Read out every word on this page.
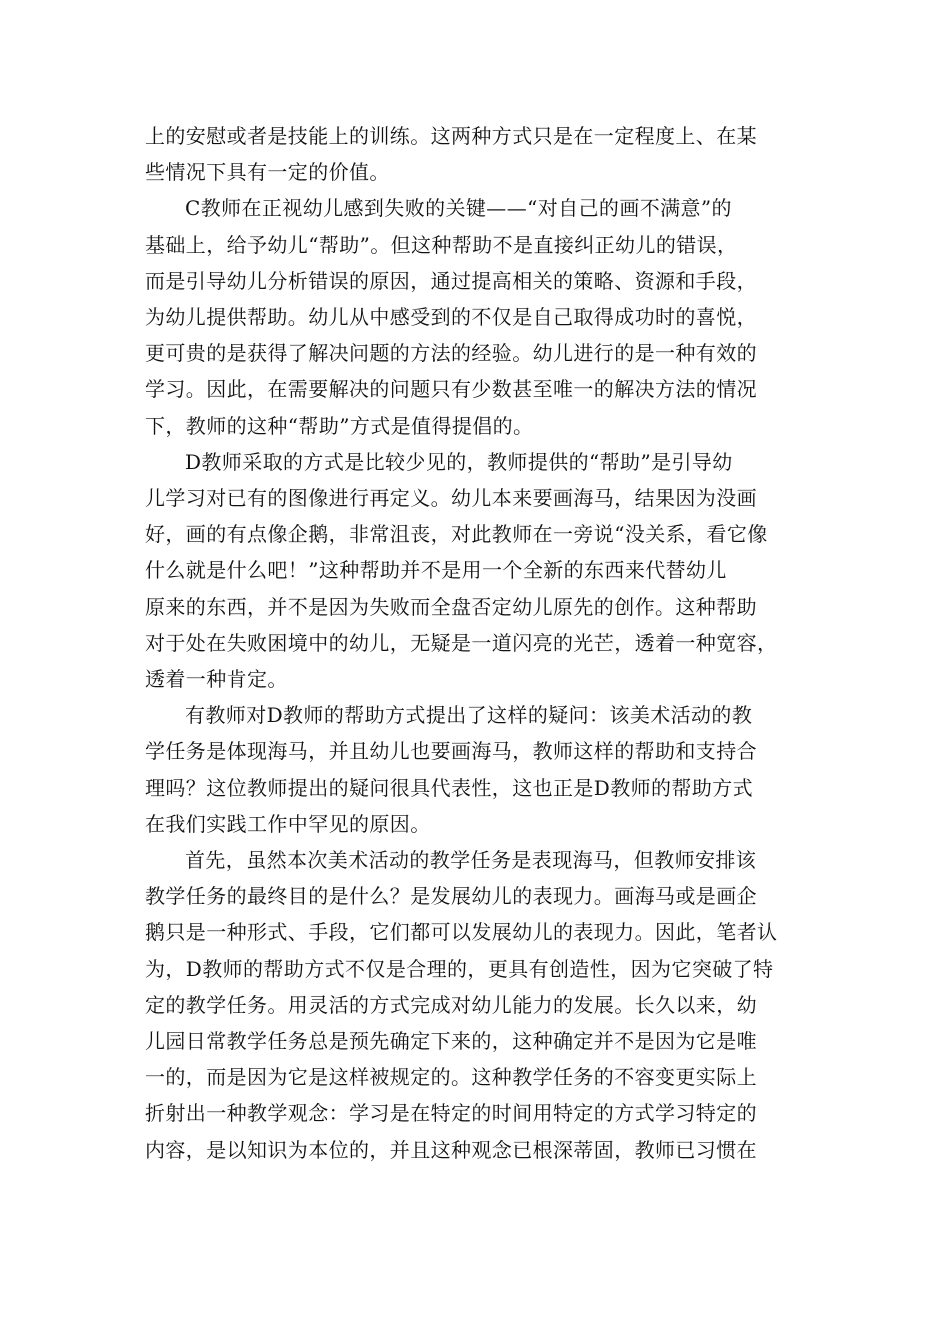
上的安慰或者是技能上的训练。这两种方式只是在一定程度上、在某
些情况下具有一定的价值。

C教师在正视幼儿感到失败的关键——“对自己的画不满意”的
基础上，给予幼儿“帮助”。但这种帮助不是直接纠正幼儿的错误，
而是引导幼儿分析错误的原因，通过提高相关的策略、资源和手段，
为幼儿提供帮助。幼儿从中感受到的不仅是自己取得成功时的喜悦，
更可贵的是获得了解决问题的方法的经验。幼儿进行的是一种有效的
学习。因此，在需要解决的问题只有少数甚至唯一的解决方法的情况
下，教师的这种“帮助”方式是值得提倡的。

D教师采取的方式是比较少见的，教师提供的“帮助”是引导幼
儿学习对已有的图像进行再定义。幼儿本来要画海马，结果因为没画
好，画的有点像企鹅，非常沮丧，对此教师在一旁说“没关系，看它像
什么就是什么吧！”这种帮助并不是用一个全新的东西来代替幼儿
原来的东西，并不是因为失败而全盘否定幼儿原先的创作。这种帮助
对于处在失败困境中的幼儿，无疑是一道闪亮的光芒，透着一种宽容，
透着一种肯定。

有教师对D教师的帮助方式提出了这样的疑问：该美术活动的教
学任务是体现海马，并且幼儿也要画海马，教师这样的帮助和支持合
理吗？这位教师提出的疑问很具代表性，这也正是D教师的帮助方式
在我们实践工作中罕见的原因。

首先，虽然本次美术活动的教学任务是表现海马，但教师安排该
教学任务的最终目的是什么？是发展幼儿的表现力。画海马或是画企
鹅只是一种形式、手段，它们都可以发展幼儿的表现力。因此，笔者认
为，D教师的帮助方式不仅是合理的，更具有创造性，因为它突破了特
定的教学任务。用灵活的方式完成对幼儿能力的发展。长久以来，幼
儿园日常教学任务总是预先确定下来的，这种确定并不是因为它是唯
一的，而是因为它是这样被规定的。这种教学任务的不容变更实际上
折射出一种教学观念：学习是在特定的时间用特定的方式学习特定的
内容，是以知识为本位的，并且这种观念已根深蒂固，教师已习惯在
